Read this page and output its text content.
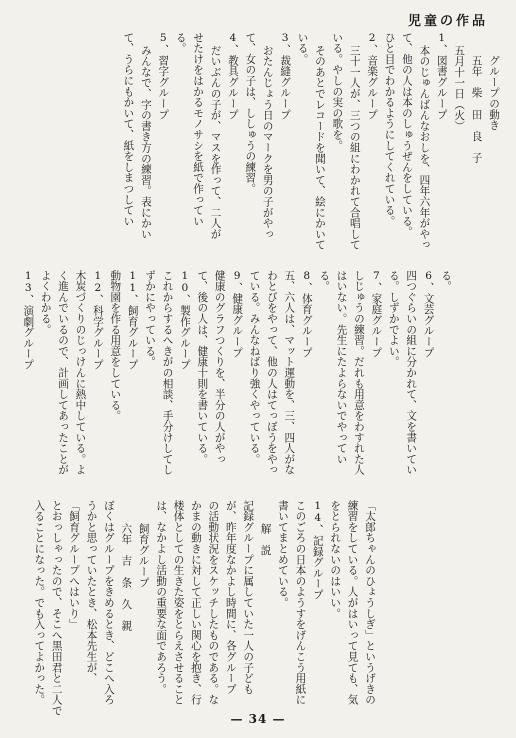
児童の作品
グループの動き
五年　柴　田　良　子
五月十一日（火）
1、図書グループ
本のじゅんばんなおしを、四年六年がやっ
て、他の人は本のしゅうぜんをしている。
ひと目でわかるようにしてくれている。
2、音楽グループ
三十一人が、三つの組にわかれて合唱して
いる。やしの実の歌を。
そのあとでレコードを聞いて、絵にかいて
いる。
3、裁縫グループ
おたんじょう日のマークを男の子がやっ
て、女の子は、ししゅうの練習。
4、教具グループ
だいぶんの子が、マスを作って、二人が
せたけをはかるモノサシを紙で作ってい
る。
5、習字グループ
みんなで、字の書き方の練習。表にかい
て、うらにもかいて、紙をしまつしてい
る。
6、文芸グループ
四つぐらいの組に分かれて、文を書いてい
る。しずかでよい。
7、家庭グループ
しじゅうの練習。だれも用意をわすれた人
はいない。先生にたよらないでやってい
る。
8、体育グループ
五、六人は、マット運動を、三、四人がな
わとびをやって、他の人はてっぼうをやっ
ている。みんなねばり強くやっている。
9、健康グループ
健康のグラフつくりを、半分の人がやっ
て、後の人は、健康十則を書いている。
10、製作グループ
これからするへきがの相談、手分けしてし
ずかにやっている。
11、飼育グループ
動物園を作る用意をしている。
12、科学グループ
木炭づくりのじっけんに熱中している。よ
く進んでいるので、計画してあったことが
よくわかる。
13、演劇グループ
「太郎ちゃんのひょうしぎ」というげきの
練習をしている。人がはいって見ても、気
をとられないのはいい。
14、記録グループ
このごろの日本のようすをげんこう用紙に
書いてまとめている。
解　説
記録グループに属していた一人の子ども
が、昨年度なかよし時間に、各グループ
の活動状況をスケッチしたものである。な
かまの動きに対して正しい関心を抱き、行
楼体としての生きた姿をとらえさせること
は、なかよし活動の重要な面であろう。
飼育グループ
六年　吉　条　久　親
ぼくはグループをきめるとき、どこへ入ろ
うかと思っていたとき、松本先生が、
「飼育グループへはいり」
とおっしゃったので、そこへ黒田君と二人で
入ることになった。でも入ってよかった。
— 34 —
